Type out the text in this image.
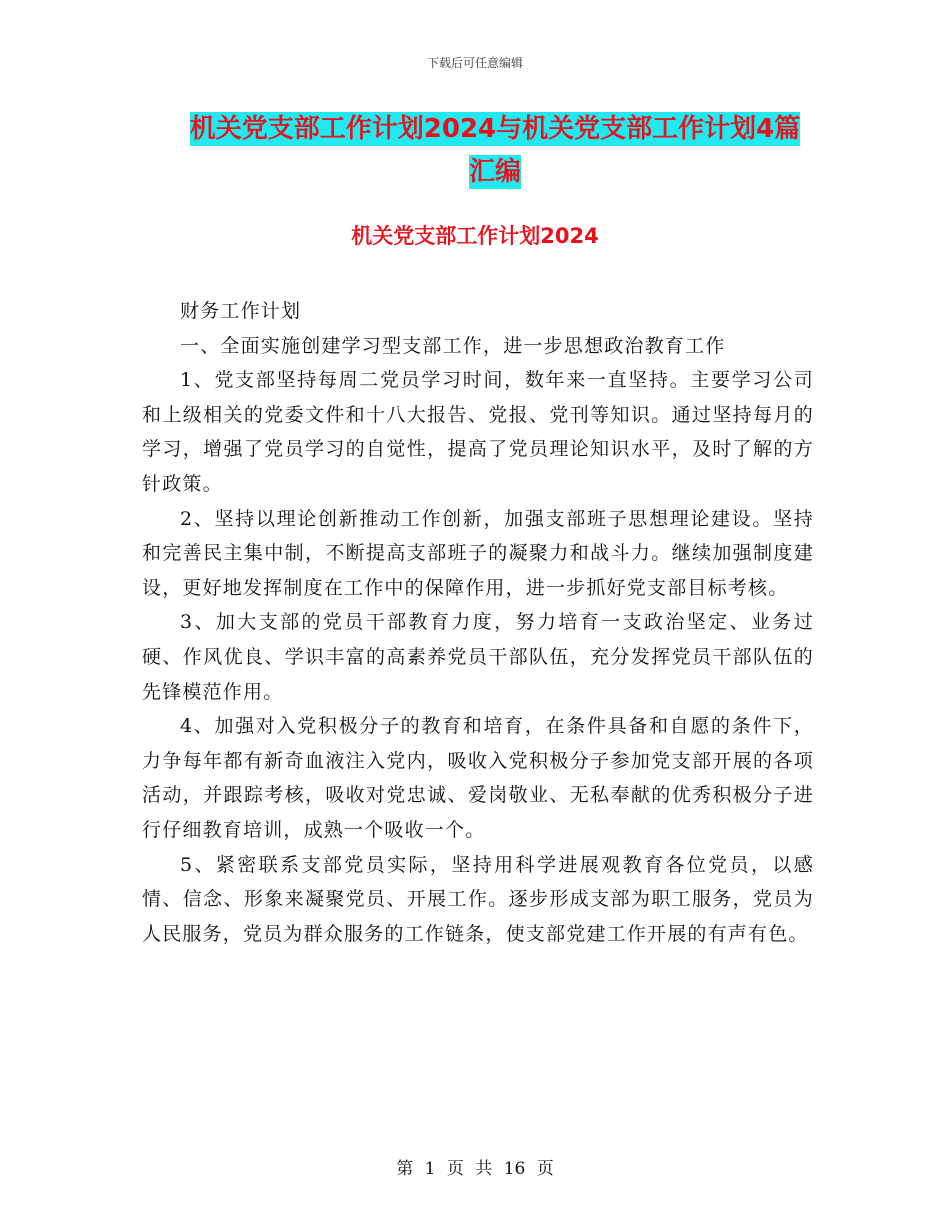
下载后可任意编辑
机关党支部工作计划2024与机关党支部工作计划4篇
汇编
机关党支部工作计划2024

财务工作计划

一、全面实施创建学习型支部工作，进一步思想政治教育工作

1、党支部坚持每周二党员学习时间，数年来一直坚持。主要学习公司和上级相关的党委文件和十八大报告、党报、党刊等知识。通过坚持每月的学习，增强了党员学习的自觉性，提高了党员理论知识水平，及时了解的方针政策。

2、坚持以理论创新推动工作创新，加强支部班子思想理论建设。坚持和完善民主集中制，不断提高支部班子的凝聚力和战斗力。继续加强制度建设，更好地发挥制度在工作中的保障作用，进一步抓好党支部目标考核。

3、加大支部的党员干部教育力度，努力培育一支政治坚定、业务过硬、作风优良、学识丰富的高素养党员干部队伍，充分发挥党员干部队伍的先锋模范作用。

4、加强对入党积极分子的教育和培育，在条件具备和自愿的条件下，力争每年都有新奇血液注入党内，吸收入党积极分子参加党支部开展的各项活动，并跟踪考核，吸收对党忠诚、爱岗敬业、无私奉献的优秀积极分子进行仔细教育培训，成熟一个吸收一个。

5、紧密联系支部党员实际，坚持用科学进展观教育各位党员，以感情、信念、形象来凝聚党员、开展工作。逐步形成支部为职工服务，党员为人民服务，党员为群众服务的工作链条，使支部党建工作开展的有声有色。

第 1 页 共 16 页
